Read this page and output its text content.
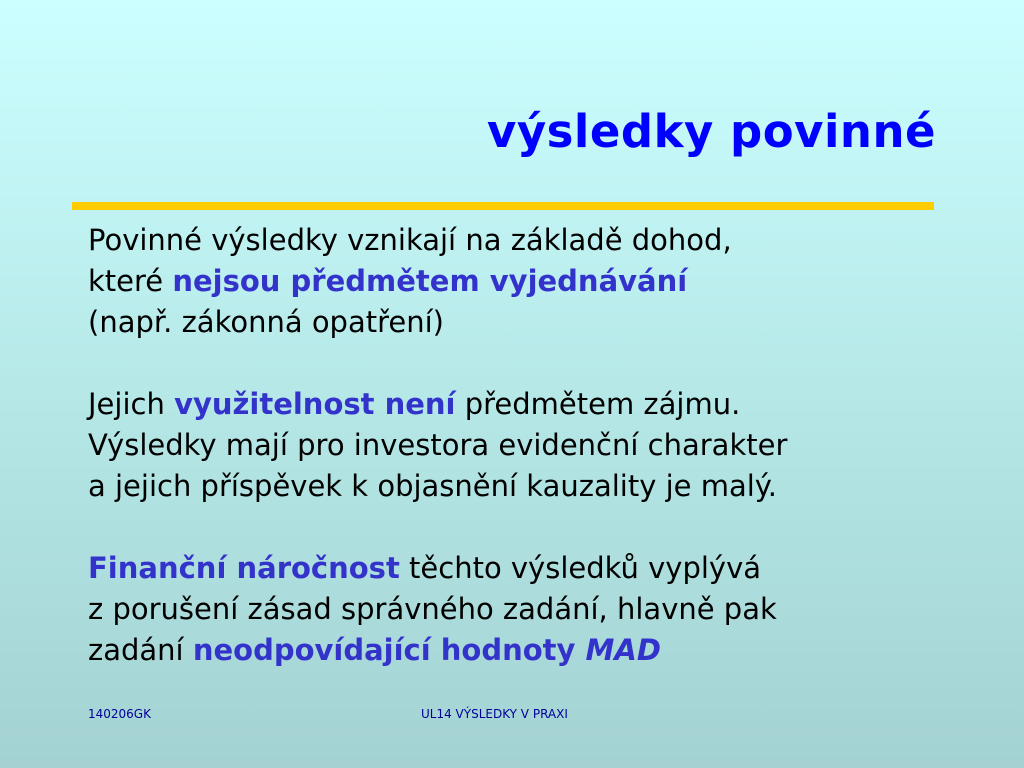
výsledky povinné

Povinné výsledky vznikají na základě dohod,
které nejsou předmětem vyjednávání
(např. zákonná opatření)

Jejich využitelnost není předmětem zájmu.
Výsledky mají pro investora evidenční charakter
a jejich příspěvek k objasnění kauzality je malý.

Finanční náročnost těchto výsledků vyplývá
z porušení zásad správného zadání, hlavně pak
zadání neodpovídající hodnoty MAD

140206GK	UL14 VÝSLEDKY V PRAXI
